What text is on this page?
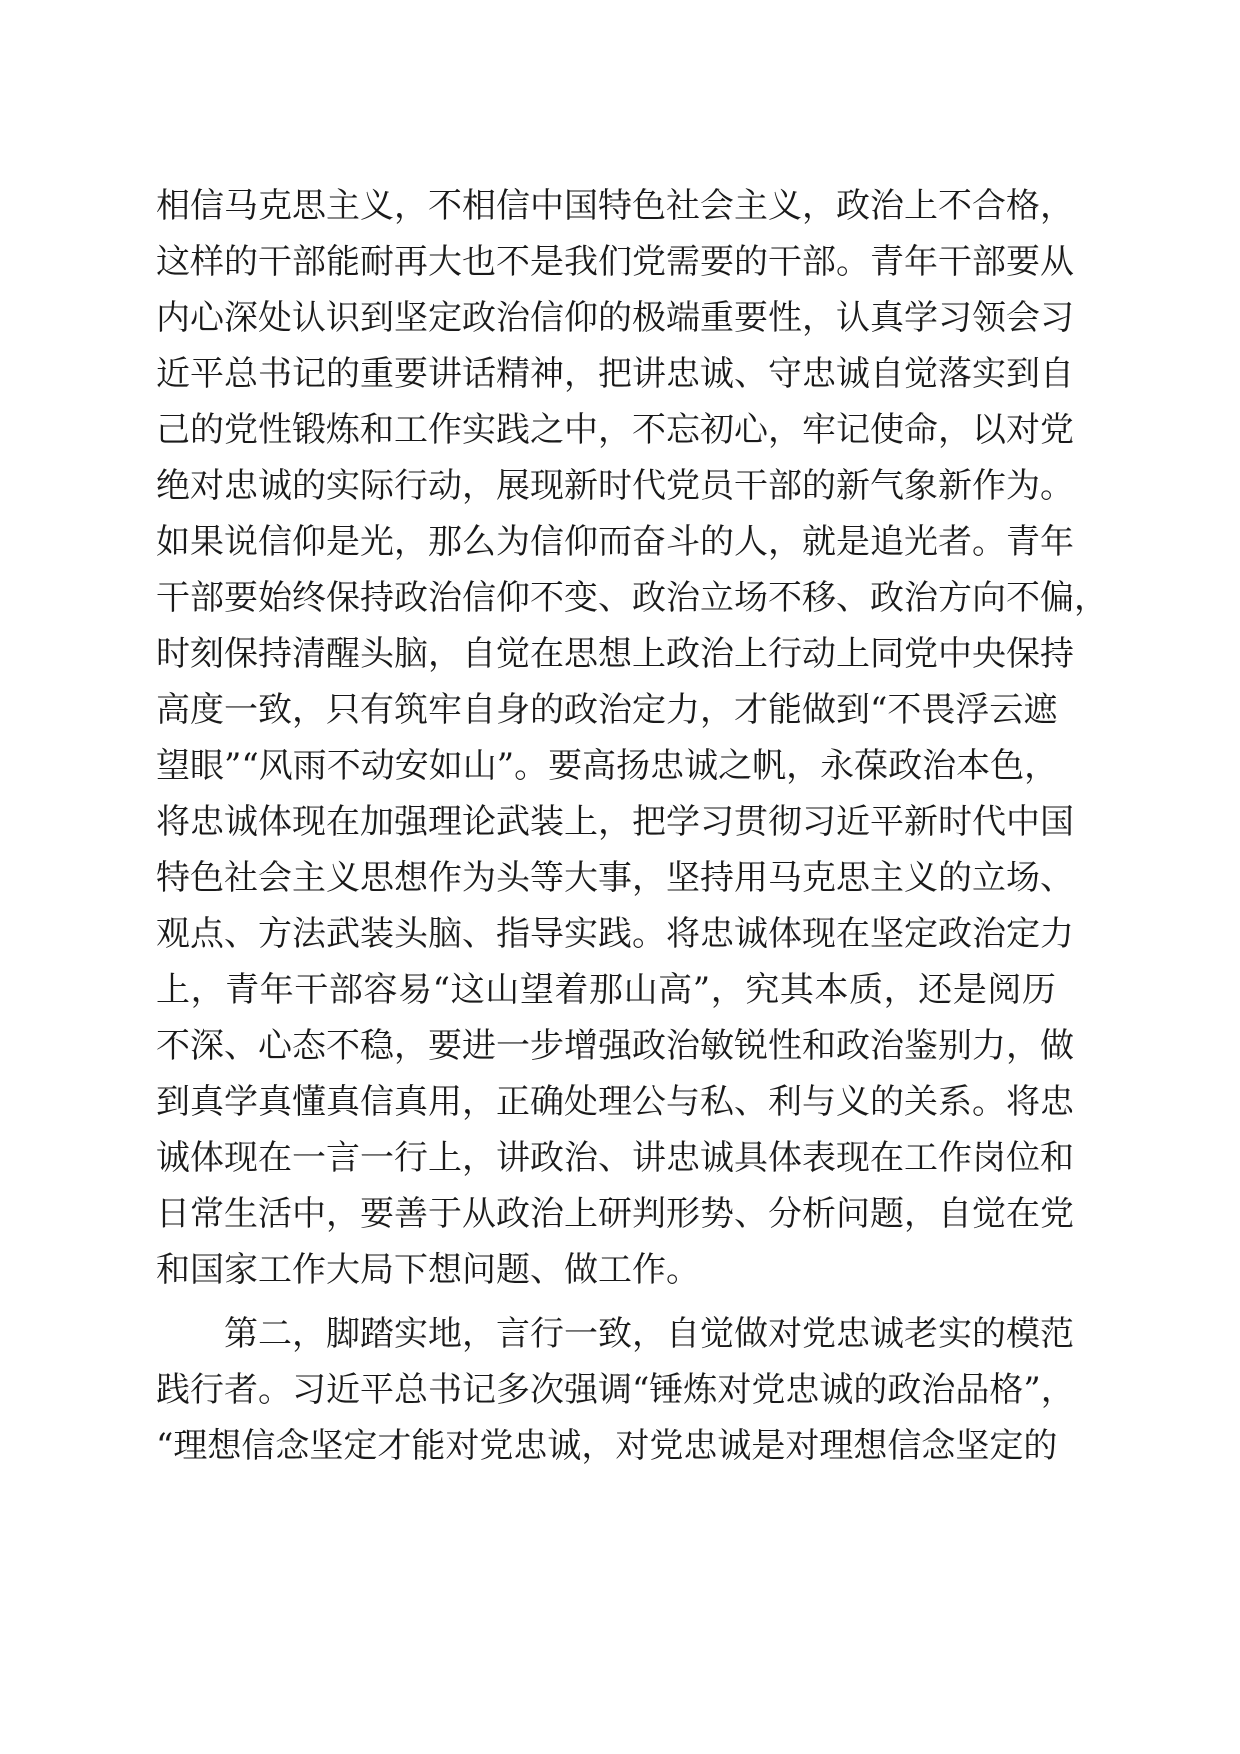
相信马克思主义，不相信中国特色社会主义，政治上不合格，
这样的干部能耐再大也不是我们党需要的干部。青年干部要从
内心深处认识到坚定政治信仰的极端重要性，认真学习领会习
近平总书记的重要讲话精神，把讲忠诚、守忠诚自觉落实到自
己的党性锻炼和工作实践之中，不忘初心，牢记使命，以对党
绝对忠诚的实际行动，展现新时代党员干部的新气象新作为。
如果说信仰是光，那么为信仰而奋斗的人，就是追光者。青年
干部要始终保持政治信仰不变、政治立场不移、政治方向不偏，
时刻保持清醒头脑，自觉在思想上政治上行动上同党中央保持
高度一致，只有筑牢自身的政治定力，才能做到“不畏浮云遮
望眼”“风雨不动安如山”。要高扬忠诚之帆，永葆政治本色，
将忠诚体现在加强理论武装上，把学习贯彻习近平新时代中国
特色社会主义思想作为头等大事，坚持用马克思主义的立场、
观点、方法武装头脑、指导实践。将忠诚体现在坚定政治定力
上，青年干部容易“这山望着那山高”，究其本质，还是阅历
不深、心态不稳，要进一步增强政治敏锐性和政治鉴别力，做
到真学真懂真信真用，正确处理公与私、利与义的关系。将忠
诚体现在一言一行上，讲政治、讲忠诚具体表现在工作岗位和
日常生活中，要善于从政治上研判形势、分析问题，自觉在党
和国家工作大局下想问题、做工作。
第二，脚踏实地，言行一致，自觉做对党忠诚老实的模范
践行者。习近平总书记多次强调“锤炼对党忠诚的政治品格”，
“理想信念坚定才能对党忠诚，对党忠诚是对理想信念坚定的
